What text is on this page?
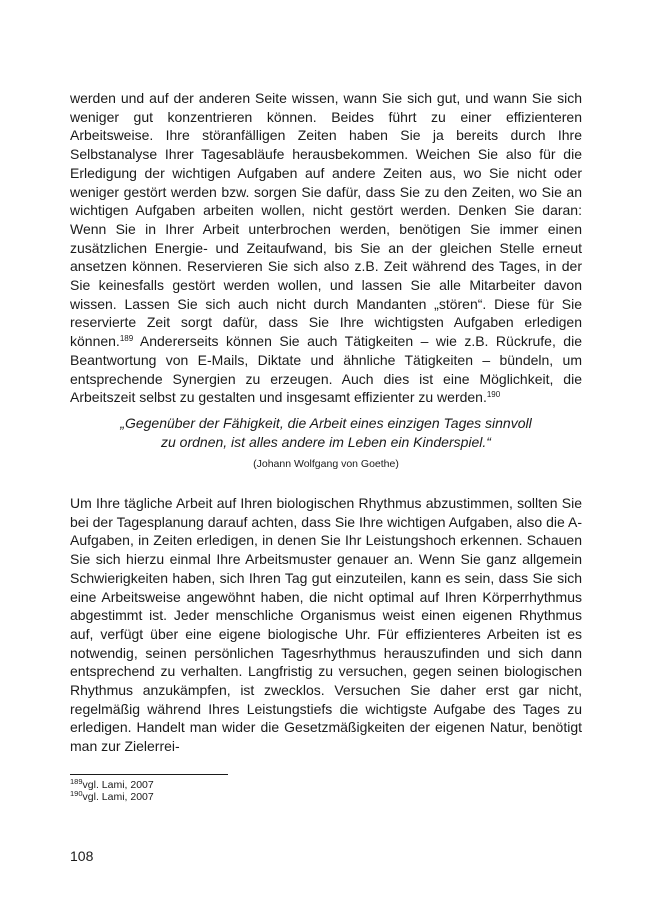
werden und auf der anderen Seite wissen, wann Sie sich gut, und wann Sie sich weniger gut konzentrieren können. Beides führt zu einer effizienteren Arbeitsweise. Ihre störanfälligen Zeiten haben Sie ja bereits durch Ihre Selbstanalyse Ihrer Tagesabläufe herausbekommen. Weichen Sie also für die Erledigung der wichtigen Aufgaben auf andere Zeiten aus, wo Sie nicht oder weniger gestört werden bzw. sorgen Sie dafür, dass Sie zu den Zeiten, wo Sie an wichtigen Aufgaben arbeiten wollen, nicht gestört werden. Denken Sie daran: Wenn Sie in Ihrer Arbeit unterbrochen werden, benötigen Sie immer einen zusätzlichen Energie- und Zeitaufwand, bis Sie an der gleichen Stelle erneut ansetzen können. Reservieren Sie sich also z.B. Zeit während des Tages, in der Sie keinesfalls gestört werden wollen, und lassen Sie alle Mitarbeiter davon wissen. Lassen Sie sich auch nicht durch Mandanten „stören“. Diese für Sie reservierte Zeit sorgt dafür, dass Sie Ihre wichtigsten Aufgaben erledigen können.$^{189}$ Andererseits können Sie auch Tätigkeiten – wie z.B. Rückrufe, die Beantwortung von E-Mails, Diktate und ähnliche Tätigkeiten – bündeln, um entsprechende Synergien zu erzeugen. Auch dies ist eine Möglichkeit, die Arbeitszeit selbst zu gestalten und insgesamt effizienter zu werden.$^{190}$

„Gegenüber der Fähigkeit, die Arbeit eines einzigen Tages sinnvoll
zu ordnen, ist alles andere im Leben ein Kinderspiel.“
(Johann Wolfgang von Goethe)

Um Ihre tägliche Arbeit auf Ihren biologischen Rhythmus abzustimmen, sollten Sie bei der Tagesplanung darauf achten, dass Sie Ihre wichtigen Aufgaben, also die A-Aufgaben, in Zeiten erledigen, in denen Sie Ihr Leistungshoch erkennen. Schauen Sie sich hierzu einmal Ihre Arbeitsmuster genauer an. Wenn Sie ganz allgemein Schwierigkeiten haben, sich Ihren Tag gut einzuteilen, kann es sein, dass Sie sich eine Arbeitsweise angewöhnt haben, die nicht optimal auf Ihren Körperrhythmus abgestimmt ist. Jeder menschliche Organismus weist einen eigenen Rhythmus auf, verfügt über eine eigene biologische Uhr. Für effizienteres Arbeiten ist es notwendig, seinen persönlichen Tagesrhythmus herauszufinden und sich dann entsprechend zu verhalten. Langfristig zu versuchen, gegen seinen biologischen Rhythmus anzukämpfen, ist zwecklos. Versuchen Sie daher erst gar nicht, regelmäßig während Ihres Leistungstiefs die wichtigste Aufgabe des Tages zu erledigen. Handelt man wider die Gesetzmäßigkeiten der eigenen Natur, benötigt man zur Zielerrei-

$^{189}$vgl. Lami, 2007
$^{190}$vgl. Lami, 2007
108
